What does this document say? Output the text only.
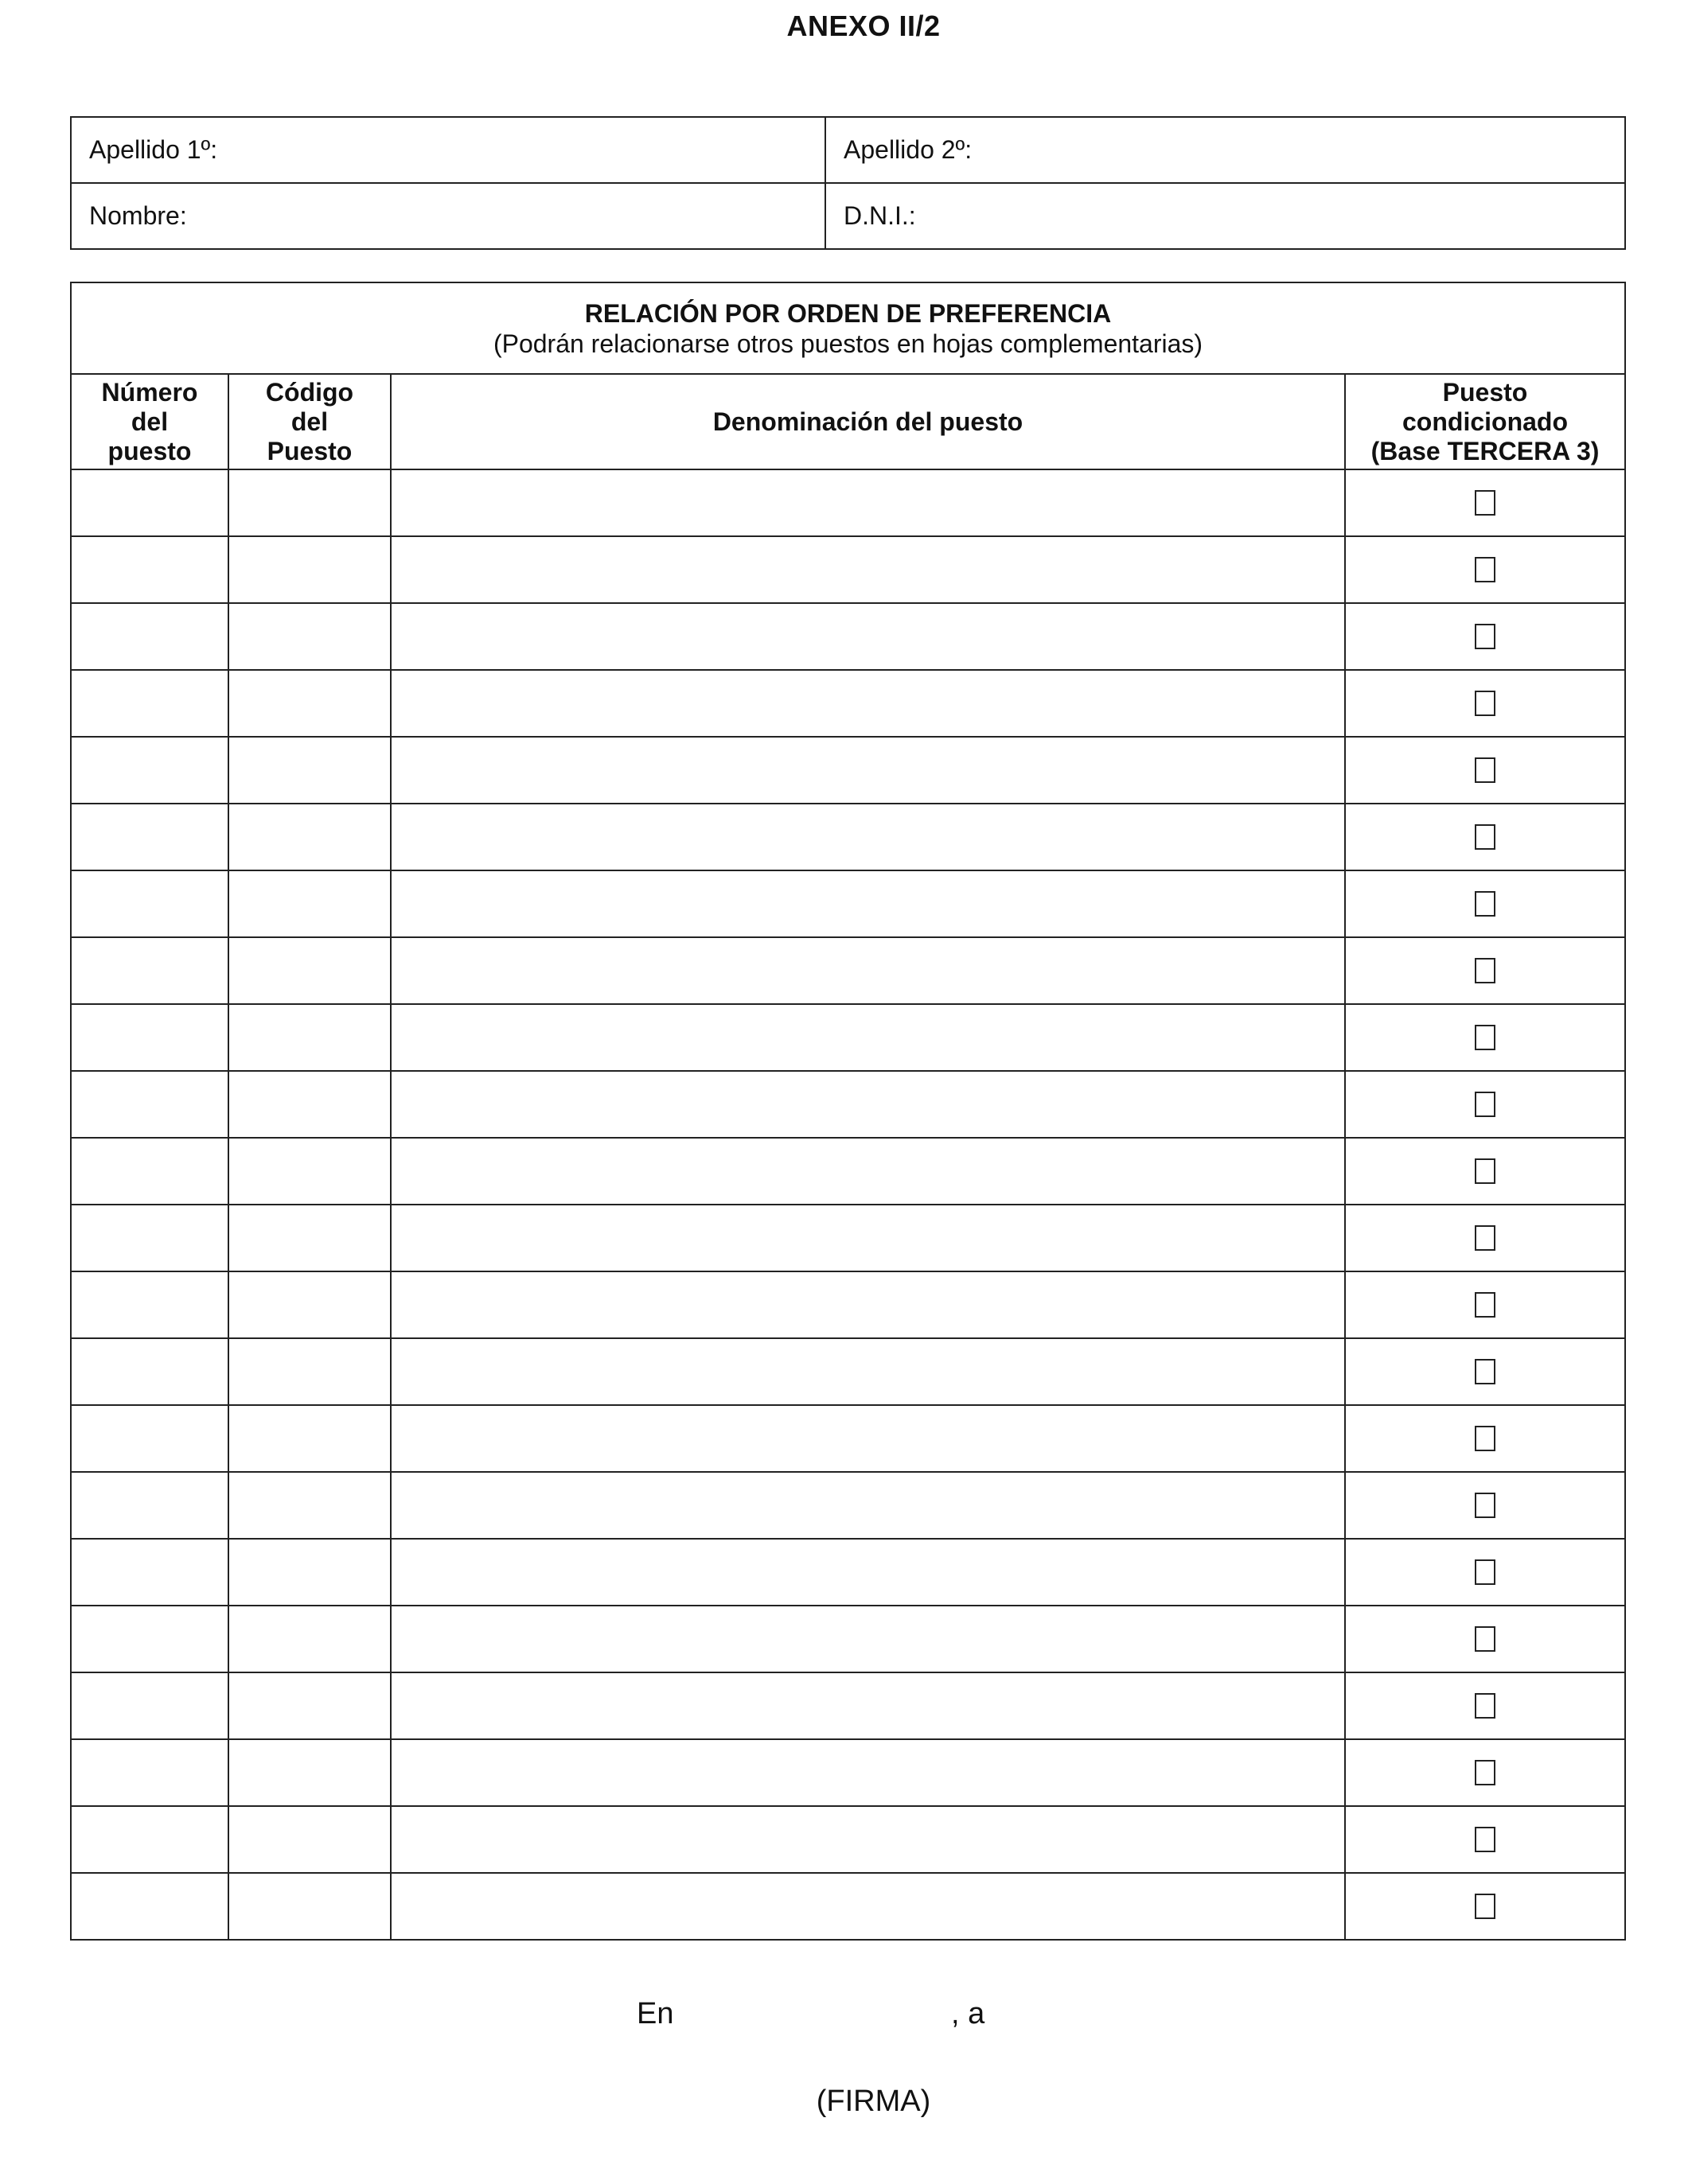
ANEXO II/2
Apellido 1º:	Apellido 2º:
Nombre:	D.N.I.:
RELACIÓN POR ORDEN DE PREFERENCIA
(Podrán relacionarse otros puestos en hojas complementarias)			

Número
del
puesto	Código
del
Puesto	Denominación del puesto	Puesto
condicionado
(Base TERCERA 3)

En	, a
(FIRMA)
